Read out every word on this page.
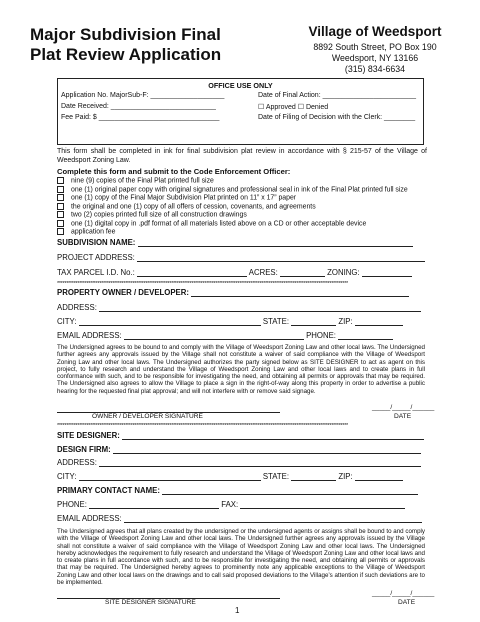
Major Subdivision Final
Plat Review Application
Village of Weedsport
8892 South Street, PO Box 190
Weedsport, NY 13166
(315) 834-6634
OFFICE USE ONLY
Application No. MajorSub-F: ___________________
Date Received: ___________________________
Fee Paid: $ _______________________________
Date of Final Action: ________________________
☐ Approved ☐ Denied
Date of Filing of Decision with the Clerk: ________
This form shall be completed in ink for final subdivision plat review in accordance with § 215-57 of the Village of Weedsport Zoning Law.
Complete this form and submit to the Code Enforcement Officer:
nine (9) copies of the Final Plat printed full size
one (1) original paper copy with original signatures and professional seal in ink of the Final Plat printed full size
one (1) copy of the Final Major Subdivision Plat printed on 11” x 17” paper
the original and one (1) copy of all offers of cession, covenants, and agreements
two (2) copies printed full size of all construction drawings
one (1) digital copy in .pdf format of all materials listed above on a CD or other acceptable device
application fee
SUBDIVISION NAME:
PROJECT ADDRESS:
TAX PARCEL I.D. No.:	ACRES:	ZONING:
**************************************************************************************************************************************************************
PROPERTY OWNER / DEVELOPER:
ADDRESS:
CITY:	STATE:	ZIP:
EMAIL ADDRESS:	PHONE:
The Undersigned agrees to be bound to and comply with the Village of Weedsport Zoning Law and other local laws. The Undersigned further agrees any approvals issued by the Village shall not constitute a waiver of said compliance with the Village of Weedsport Zoning Law and other local laws. The Undersigned authorizes the party signed below as SITE DESIGNER to act as agent on this project, to fully research and understand the Village of Weedsport Zoning Law and other local laws and to create plans in full conformance with such, and to be responsible for investigating the need, and obtaining all permits or approvals that may be required. The Undersigned also agrees to allow the Village to place a sign in the right-of-way along this property in order to advertise a public hearing for the requested final plat approval; and will not interfere with or remove said signage.
OWNER / DEVELOPER SIGNATURE
_____/_____/______
DATE
**************************************************************************************************************************************************************
SITE DESIGNER:
DESIGN FIRM:
ADDRESS:
CITY:	STATE:	ZIP:
PRIMARY CONTACT NAME:
PHONE:	FAX:
EMAIL ADDRESS:
The Undersigned agrees that all plans created by the undersigned or the undersigned agents or assigns shall be bound to and comply with the Village of Weedsport Zoning Law and other local laws. The Undersigned further agrees any approvals issued by the Village shall not constitute a waiver of said compliance with the Village of Weedsport Zoning Law and other local laws. The Undersigned hereby acknowledges the requirement to fully research and understand the Village of Weedsport Zoning Law and other local laws and to create plans in full accordance with such, and to be responsible for investigating the need, and obtaining all permits or approvals that may be required. The Undersigned hereby agrees to prominently note any applicable exceptions to the Village of Weedsport Zoning Law and other local laws on the drawings and to call said proposed deviations to the Village’s attention if such deviations are to be implemented.
SITE DESIGNER SIGNATURE
_____/_____/______
DATE
1
